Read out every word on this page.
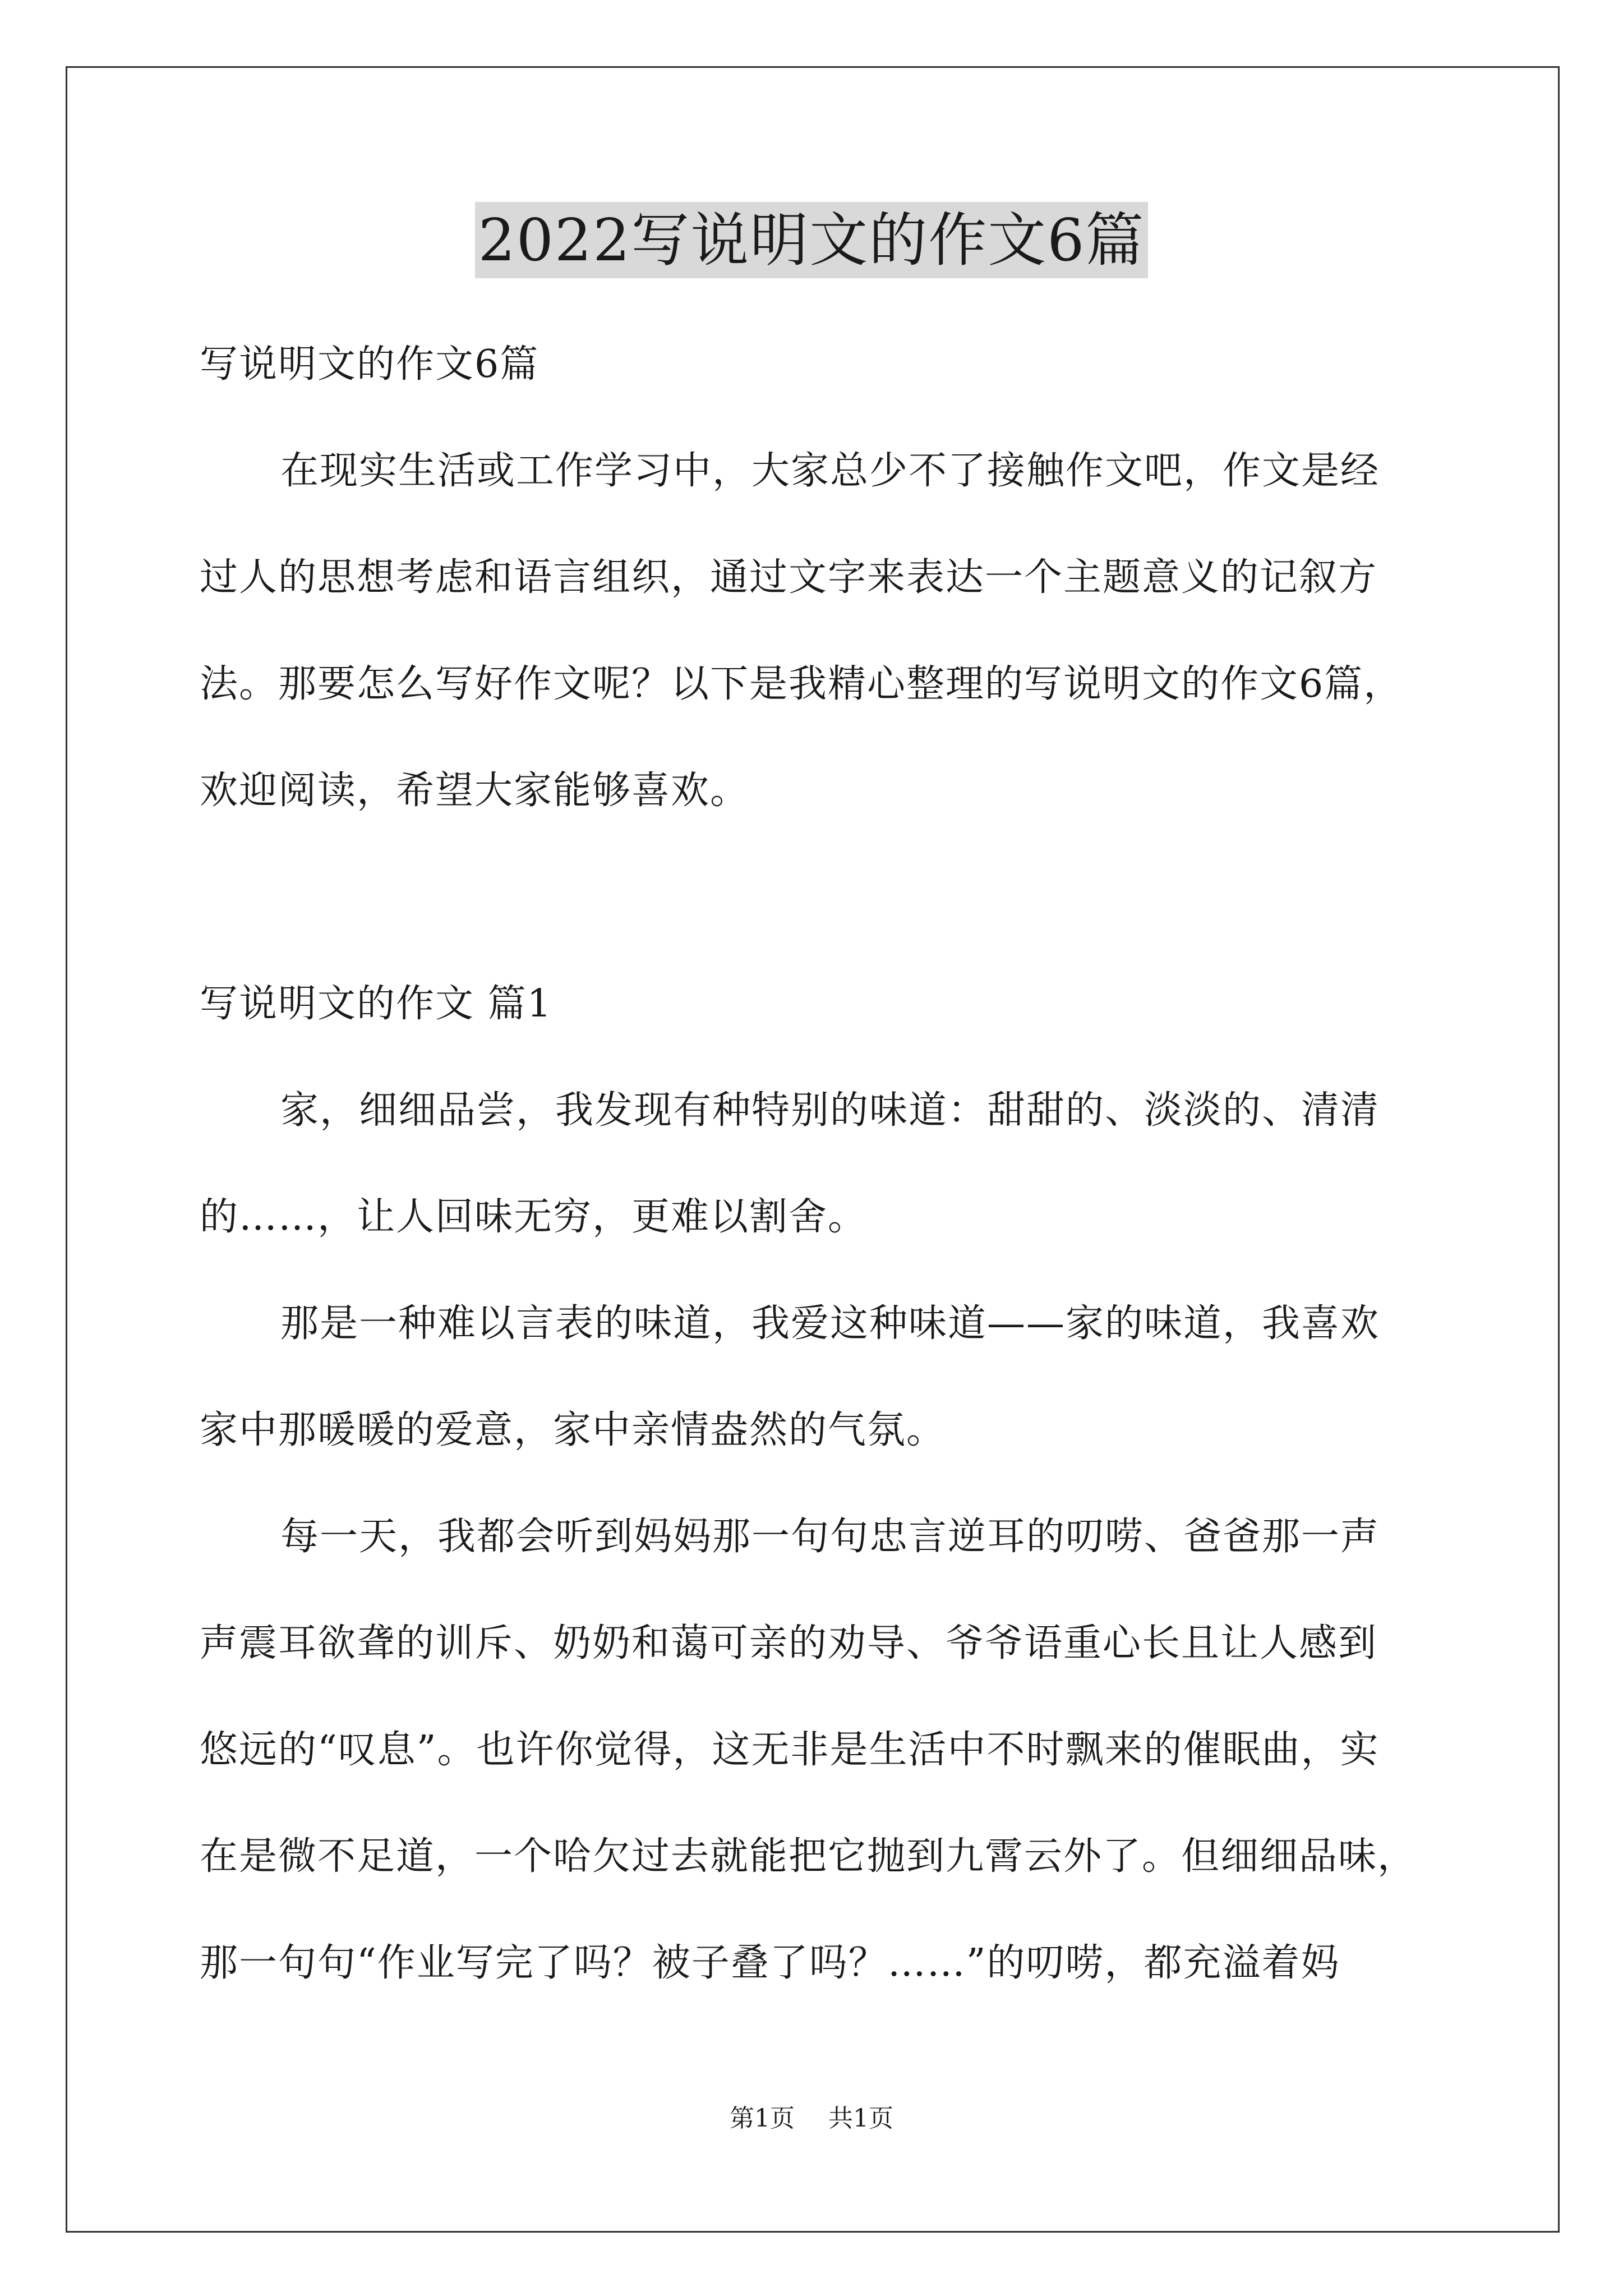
2022写说明文的作文6篇
写说明文的作文6篇
在现实生活或工作学习中，大家总少不了接触作文吧，作文是经
过人的思想考虑和语言组织，通过文字来表达一个主题意义的记叙方
法。那要怎么写好作文呢？以下是我精心整理的写说明文的作文6篇，
欢迎阅读，希望大家能够喜欢。
写说明文的作文 篇1
家，细细品尝，我发现有种特别的味道：甜甜的、淡淡的、清清
的……，让人回味无穷，更难以割舍。
那是一种难以言表的味道，我爱这种味道——家的味道，我喜欢
家中那暖暖的爱意，家中亲情盎然的气氛。
每一天，我都会听到妈妈那一句句忠言逆耳的叨唠、爸爸那一声
声震耳欲聋的训斥、奶奶和蔼可亲的劝导、爷爷语重心长且让人感到
悠远的“叹息”。也许你觉得，这无非是生活中不时飘来的催眠曲，实
在是微不足道，一个哈欠过去就能把它抛到九霄云外了。但细细品味，
那一句句“作业写完了吗？被子叠了吗？……”的叨唠，都充溢着妈
第1页 共1页
